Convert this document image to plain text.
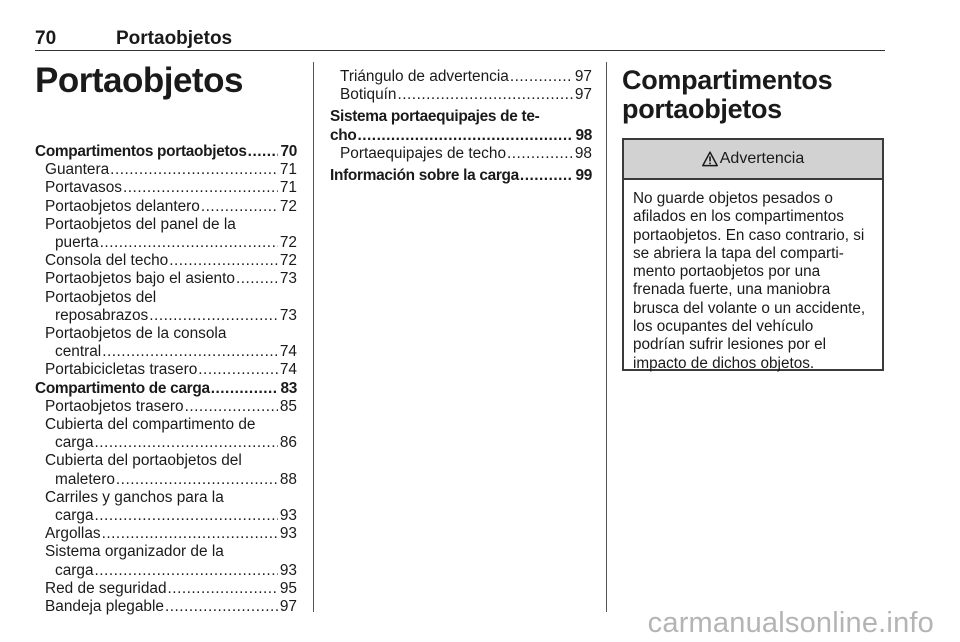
70	Portaobjetos
Portaobjetos
Compartimentos portaobjetos ..... 70
Guantera .....	71
Portavasos .....	71
Portaobjetos delantero .....	72
Portaobjetos del panel de la
puerta .....	72
Consola del techo .....	72
Portaobjetos bajo el asiento .....	73
Portaobjetos del
reposabrazos .....	73
Portaobjetos de la consola
central .....	74
Portabicicletas trasero .....	74
Compartimento de carga .....	83
Portaobjetos trasero .....	85
Cubierta del compartimento de
carga .....	86
Cubierta del portaobjetos del
maletero .....	88
Carriles y ganchos para la
carga .....	93
Argollas .....	93
Sistema organizador de la
carga .....	93
Red de seguridad .....	95
Bandeja plegable .....	97
Triángulo de advertencia .....	97
Botiquín .....	97
Sistema portaequipajes de te-
cho .....	98
Portaequipajes de techo .....	98
Información sobre la carga .....	99
Compartimentos
portaobjetos
Advertencia
No guarde objetos pesados o
afilados en los compartimentos
portaobjetos. En caso contrario, si
se abriera la tapa del comparti-
mento portaobjetos por una
frenada fuerte, una maniobra
brusca del volante o un accidente,
los ocupantes del vehículo
podrían sufrir lesiones por el
impacto de dichos objetos.
carmanualsonline.info
